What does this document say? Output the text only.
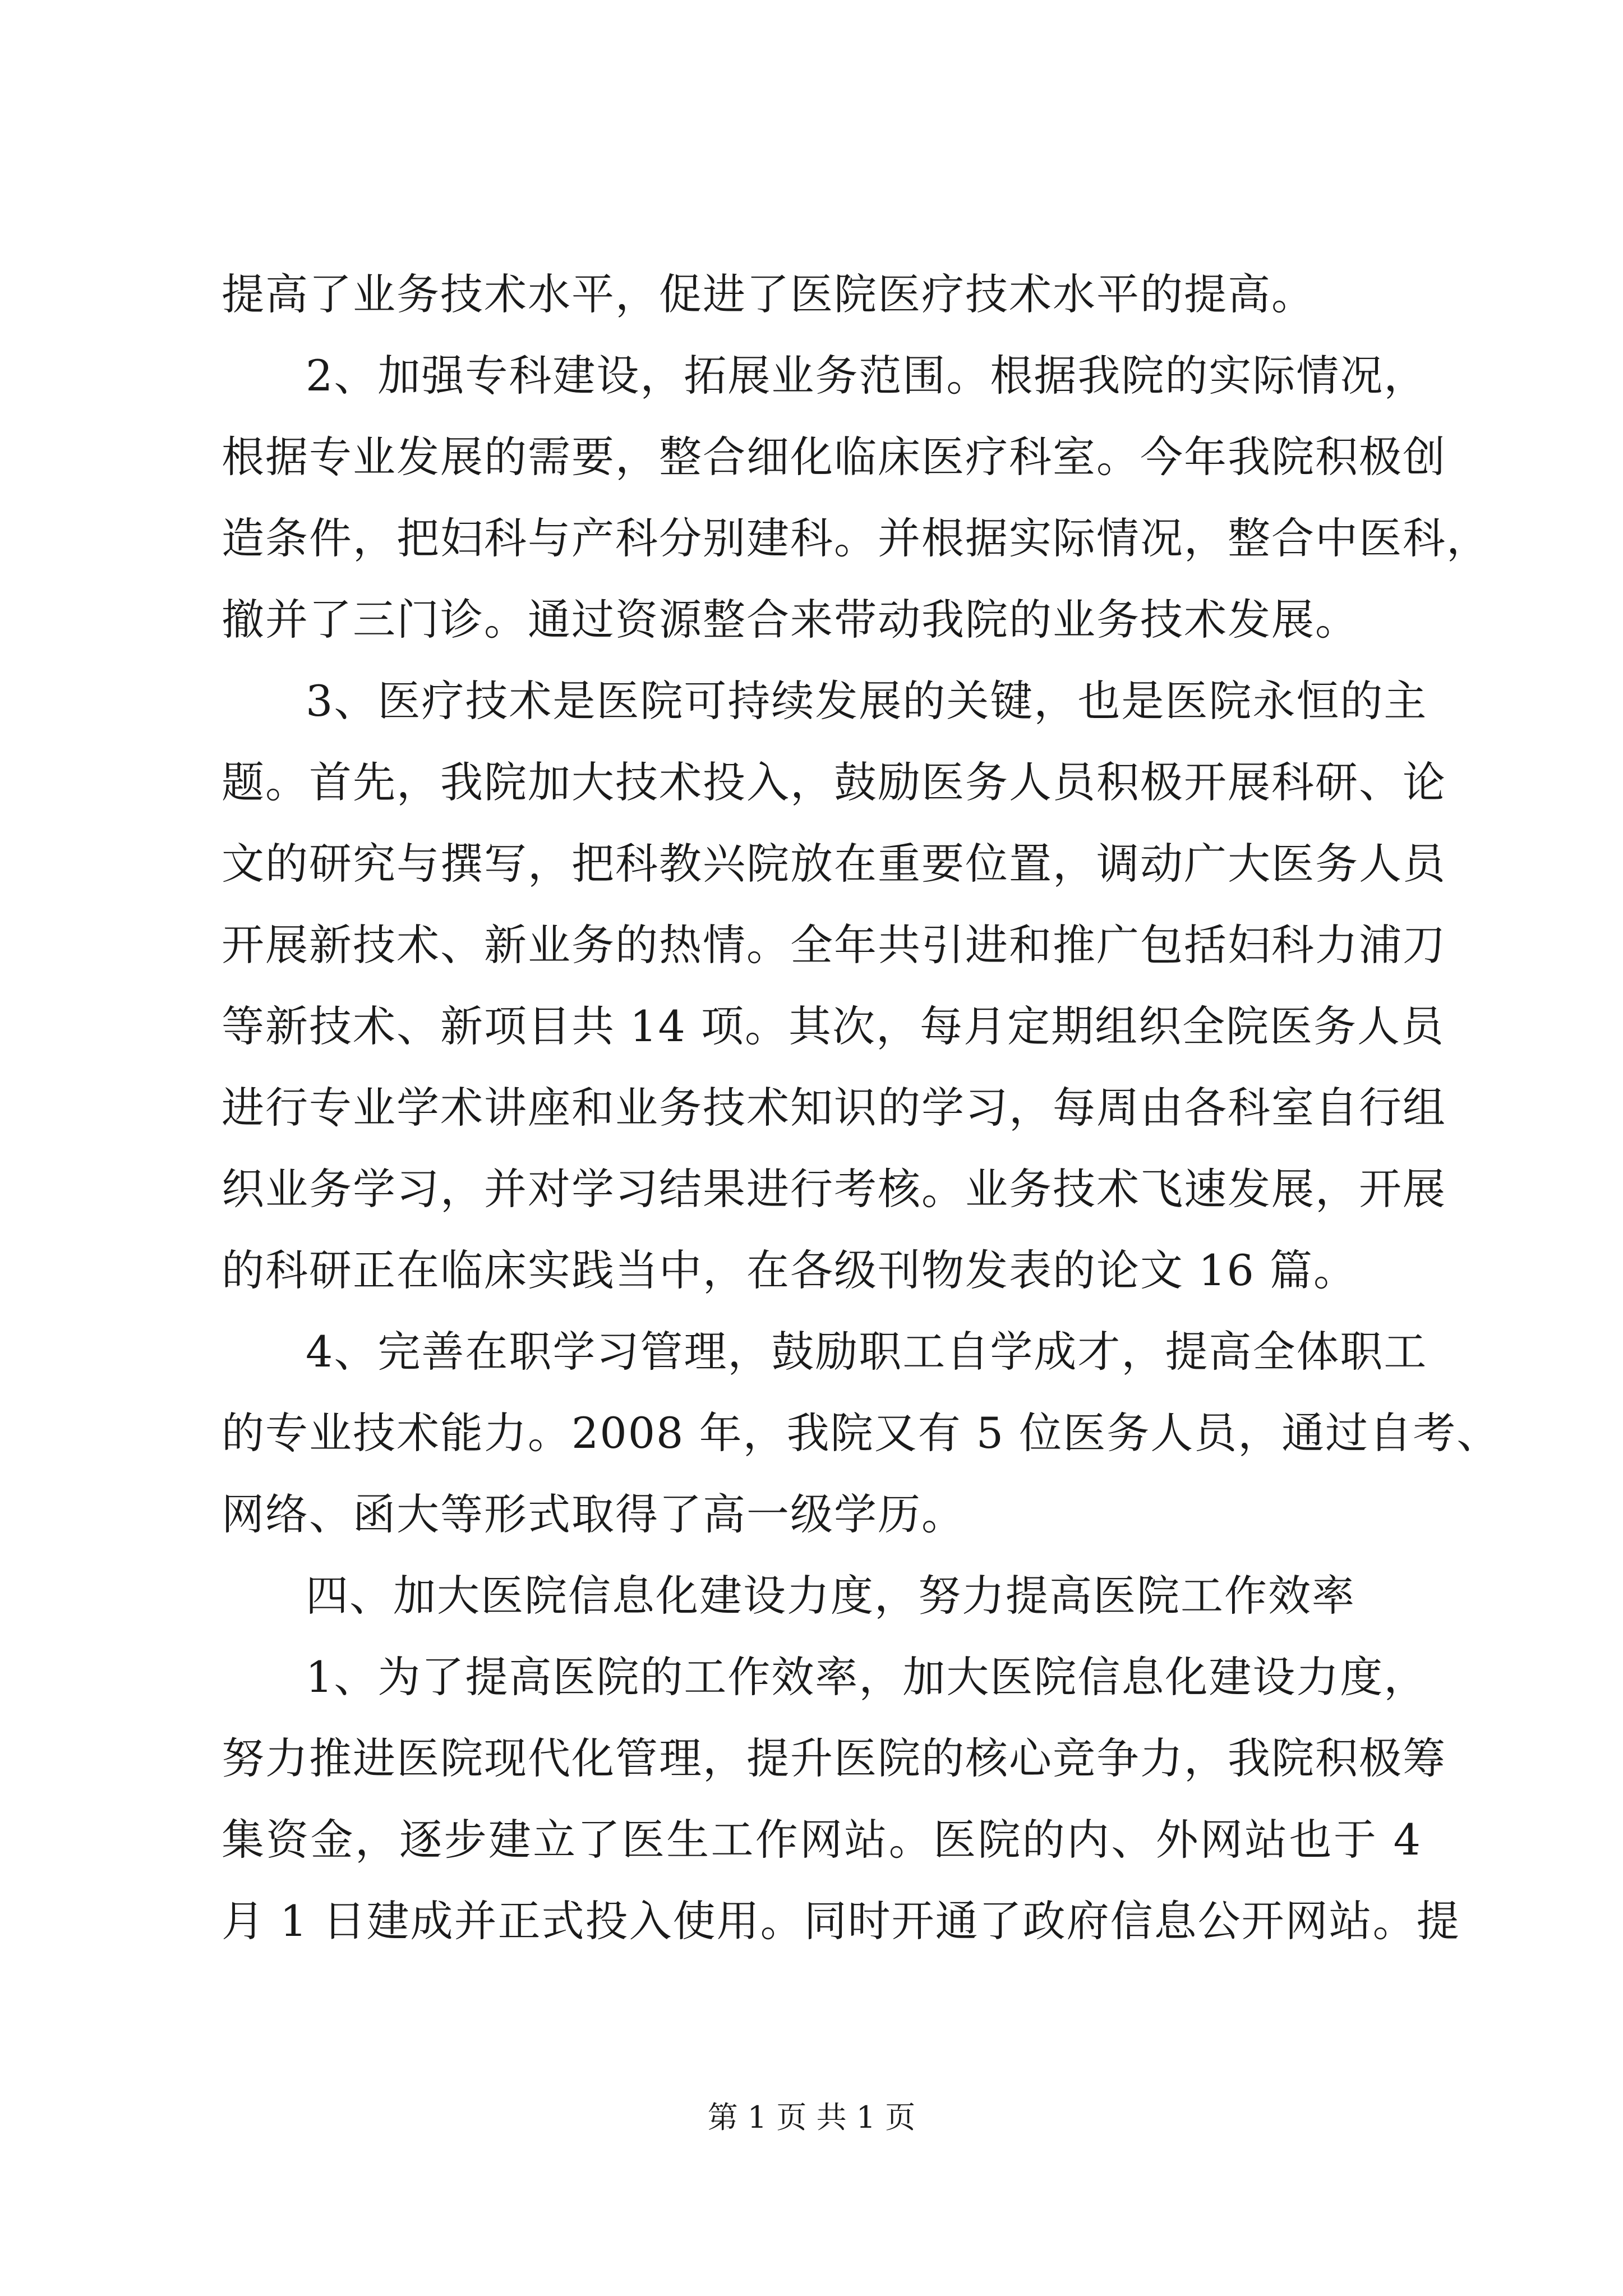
提高了业务技术水平，促进了医院医疗技术水平的提高。
2、加强专科建设，拓展业务范围。根据我院的实际情况，
根据专业发展的需要，整合细化临床医疗科室。今年我院积极创
造条件，把妇科与产科分别建科。并根据实际情况，整合中医科，
撤并了三门诊。通过资源整合来带动我院的业务技术发展。
3、医疗技术是医院可持续发展的关键，也是医院永恒的主
题。首先，我院加大技术投入，鼓励医务人员积极开展科研、论
文的研究与撰写，把科教兴院放在重要位置，调动广大医务人员
开展新技术、新业务的热情。全年共引进和推广包括妇科力浦刀
等新技术、新项目共 14 项。其次，每月定期组织全院医务人员
进行专业学术讲座和业务技术知识的学习，每周由各科室自行组
织业务学习，并对学习结果进行考核。业务技术飞速发展，开展
的科研正在临床实践当中，在各级刊物发表的论文 16 篇。
4、完善在职学习管理，鼓励职工自学成才，提高全体职工
的专业技术能力。2008 年，我院又有 5 位医务人员，通过自考、
网络、函大等形式取得了高一级学历。
四、加大医院信息化建设力度，努力提高医院工作效率
1、为了提高医院的工作效率，加大医院信息化建设力度，
努力推进医院现代化管理，提升医院的核心竞争力，我院积极筹
集资金，逐步建立了医生工作网站。医院的内、外网站也于 4
月 1 日建成并正式投入使用。同时开通了政府信息公开网站。提
第 1 页 共 1 页
